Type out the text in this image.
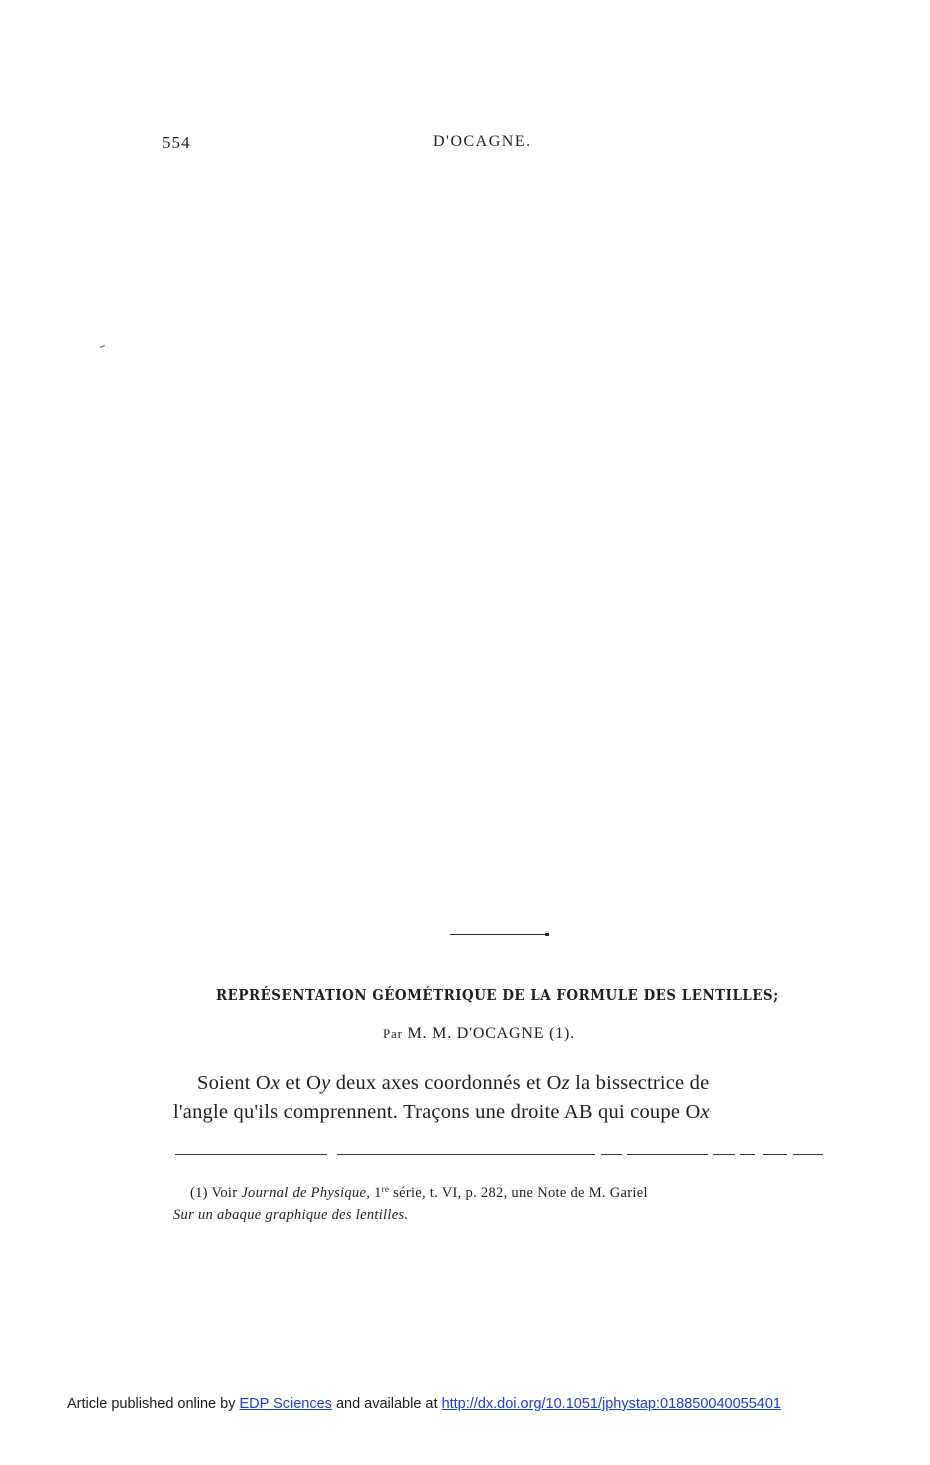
554	D'OCAGNE.
REPRÉSENTATION GÉOMÉTRIQUE DE LA FORMULE DES LENTILLES;
Par M. M. D'OCAGNE (1).
Soient Ox et Oy deux axes coordonnés et Oz la bissectrice de
l'angle qu'ils comprennent. Traçons une droite AB qui coupe Ox
(1) Voir Journal de Physique, 1re série, t. VI, p. 282, une Note de M. Gariel
Sur un abaque graphique des lentilles.
Article published online by EDP Sciences and available at http://dx.doi.org/10.1051/jphystap:018850040055401
